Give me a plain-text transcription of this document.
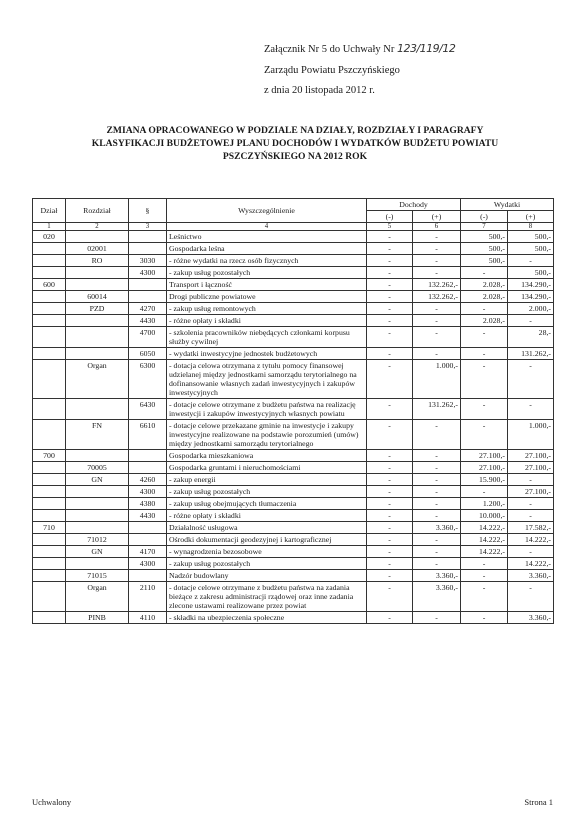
Załącznik Nr 5 do Uchwały Nr 123/119/12
Zarządu Powiatu Pszczyńskiego
z dnia 20 listopada 2012 r.
ZMIANA OPRACOWANEGO W PODZIALE NA DZIAŁY, ROZDZIAŁY I PARAGRAFY
KLASYFIKACJI BUDŻETOWEJ PLANU DOCHODÓW I WYDATKÓW BUDŻETU POWIATU
PSZCZYŃSKIEGO NA 2012 ROK
Dział	Rozdział	§	Wyszczególnienie	Dochody		Wydatki	
				(-)	(+)	(-)	(+)
1	2	3	4	5	6	7	8
020			Leśnictwo	-	-	500,-	500,-
	02001		Gospodarka leśna	-	-	500,-	500,-
	RO	3030	- różne wydatki na rzecz osób fizycznych	-	-	500,-	-
		4300	- zakup usług pozostałych	-	-	-	500,-
600			Transport i łączność	-	132.262,-	2.028,-	134.290,-
	60014		Drogi publiczne powiatowe	-	132.262,-	2.028,-	134.290,-
	PZD	4270	- zakup usług remontowych	-	-	-	2.000,-
		4430	- różne opłaty i składki	-	-	2.028,-	-
		4700	- szkolenia pracowników niebędących członkami korpusu służby cywilnej	-	-	-	28,-
		6050	- wydatki inwestycyjne jednostek budżetowych	-	-	-	131.262,-
	Organ	6300	- dotacja celowa otrzymana z tytułu pomocy finansowej udzielanej między jednostkami samorządu terytorialnego na dofinansowanie własnych zadań inwestycyjnych i zakupów inwestycyjnych	-	1.000,-	-	-
		6430	- dotacje celowe otrzymane z budżetu państwa na realizację inwestycji i zakupów inwestycyjnych własnych powiatu	-	131.262,-	-	-
	FN	6610	- dotacje celowe przekazane gminie na inwestycje i zakupy inwestycyjne realizowane na podstawie porozumień (umów) między jednostkami samorządu terytorialnego	-	-	-	1.000,-
700			Gospodarka mieszkaniowa	-	-	27.100,-	27.100,-
	70005		Gospodarka gruntami i nieruchomościami	-	-	27.100,-	27.100,-
	GN	4260	- zakup energii	-	-	15.900,-	-
		4300	- zakup usług pozostałych	-	-	-	27.100,-
		4380	- zakup usług obejmujących tłumaczenia	-	-	1.200,-	-
		4430	- różne opłaty i składki	-	-	10.000,-	-
710			Działalność usługowa	-	3.360,-	14.222,-	17.582,-
	71012		Ośrodki dokumentacji geodezyjnej i kartograficznej	-	-	14.222,-	14.222,-
	GN	4170	- wynagrodzenia bezosobowe	-	-	14.222,-	-
		4300	- zakup usług pozostałych	-	-	-	14.222,-
	71015		Nadzór budowlany	-	3.360,-	-	3.360,-
	Organ	2110	- dotacje celowe otrzymane z budżetu państwa na zadania bieżące z zakresu administracji rządowej oraz inne zadania zlecone ustawami realizowane przez powiat	-	3.360,-	-	-
	PINB	4110	- składki na ubezpieczenia społeczne	-	-	-	3.360,-
Uchwalony	Strona 1
